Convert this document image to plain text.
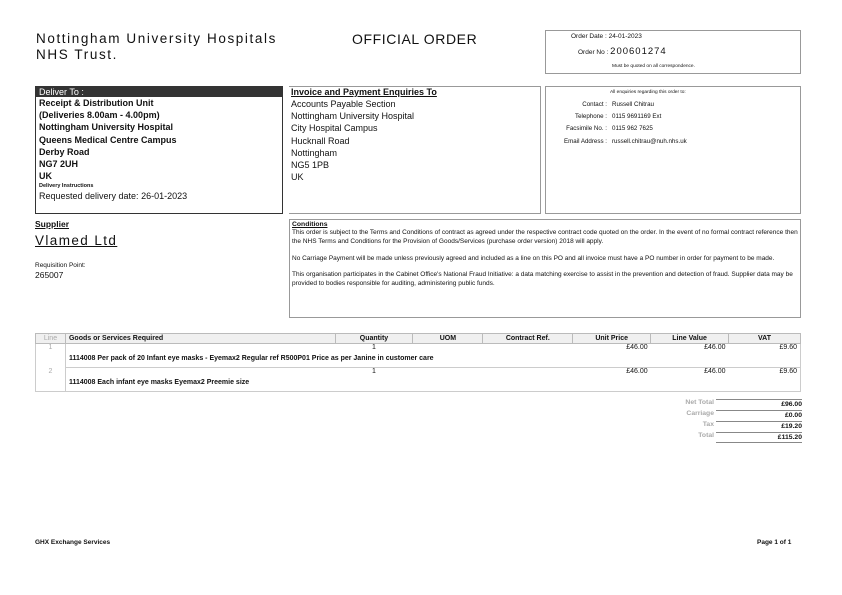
Nottingham University Hospitals
NHS Trust.
OFFICIAL ORDER	Order Date : 24-01-2023
Order No : 200601274
Must be quoted on all correspondence.
Deliver To :
Receipt & Distribution Unit
(Deliveries 8.00am - 4.00pm)
Nottingham University Hospital
Queens Medical Centre Campus
Derby Road
NG7 2UH
UK
Delivery Instructions
Requested delivery date: 26-01-2023
Invoice and Payment Enquiries To
Accounts Payable Section
Nottingham University Hospital
City Hospital Campus
Hucknall Road
Nottingham
NG5 1PB
UK
All enquiries regarding this order to:
Contact : Russell Chitrau
Telephone : 0115 9691169 Ext
Facsimile No. : 0115 962 7625
Email Address : russell.chitrau@nuh.nhs.uk
Supplier
Vlamed Ltd
Requisition Point:
265007
Conditions

This order is subject to the Terms and Conditions of contract as agreed under the respective contract code quoted on the order. In the event of no formal contract reference then the NHS Terms and Conditions for the Provision of Goods/Services (purchase order version) 2018 will apply.

No Carriage Payment will be made unless previously agreed and included as a line on this PO and all invoice must have a PO number in order for payment to be made.

This organisation participates in the Cabinet Office's National Fraud Initiative: a data matching exercise to assist in the prevention and detection of fraud. Supplier data may be provided to bodies responsible for auditing, administering public funds.

Line	Goods or Services Required	Quantity	UOM	Contract Ref.	Unit Price	Line Value	VAT
1		1			£46.00	£46.00	£9.60
	1114008 Per pack of 20 Infant eye masks - Eyemax2 Regular ref R500P01 Price as per Janine in customer care						
2		1			£46.00	£46.00	£9.60
	1114008 Each infant eye masks Eyemax2 Preemie size						
Net Total	£96.00
Carriage	£0.00
Tax	£19.20
Total	£115.20
GHX Exchange Services	Page 1 of 1
